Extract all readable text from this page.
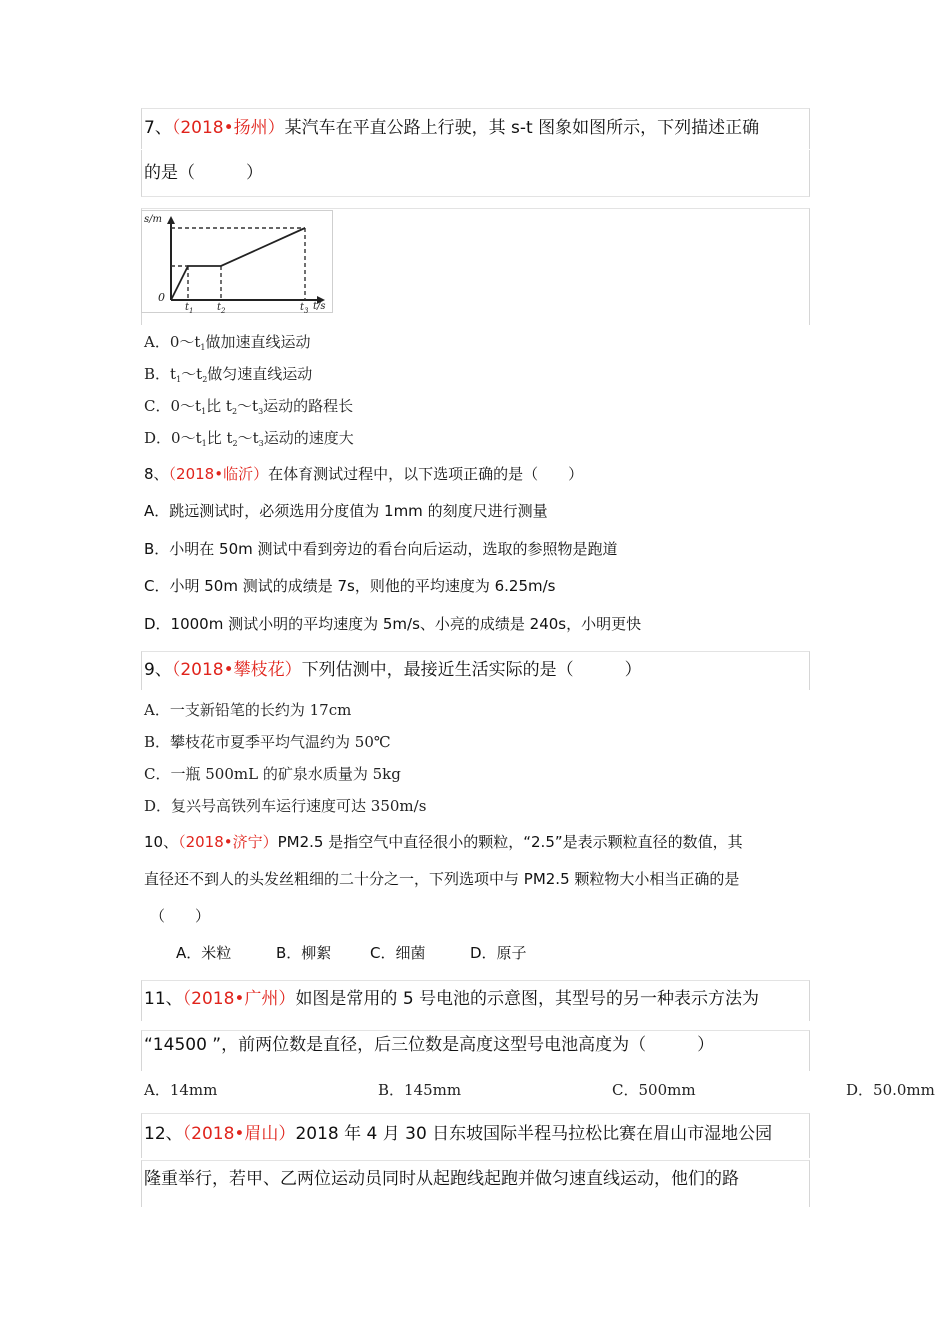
7、（2018•扬州）某汽车在平直公路上行驶，其 s-t 图象如图所示，下列描述正确
的是（　　　）
s/m
0
t/s
$t_1$ $t_2$	$t_3$
A．$0\sim t_1$做加速直线运动
B．$t_1\sim t_2$做匀速直线运动
C．$0\sim t_1$比 $t_2\sim t_3$运动的路程长
D．$0\sim t_1$比 $t_2\sim t_3$运动的速度大
8、（2018•临沂）在体育测试过程中，以下选项正确的是（　　）
A．跳远测试时，必须选用分度值为 1mm 的刻度尺进行测量
B．小明在 50m 测试中看到旁边的看台向后运动，选取的参照物是跑道
C．小明 50m 测试的成绩是 7s，则他的平均速度为 6.25m/s
D．1000m 测试小明的平均速度为 5m/s、小亮的成绩是 240s，小明更快
9、（2018•攀枝花）下列估测中，最接近生活实际的是（　　　）
A．一支新铅笔的长约为 17cm
B．攀枝花市夏季平均气温约为 50℃
C．一瓶 500mL 的矿泉水质量为 5kg
D．复兴号高铁列车运行速度可达 350m/s
10、（2018•济宁）PM2.5 是指空气中直径很小的颗粒，“2.5”是表示颗粒直径的数值，其
直径还不到人的头发丝粗细的二十分之一，下列选项中与 PM2.5 颗粒物大小相当正确的是
（　　）
A．米粒	B．柳絮	C．细菌	D．原子
11、（2018•广州）如图是常用的 5 号电池的示意图，其型号的另一种表示方法为
“14500 ”，前两位数是直径，后三位数是高度这型号电池高度为（　　　）
A．14mm	B．145mm	C．500mm	D．50.0mm
12、（2018•眉山）2018 年 4 月 30 日东坡国际半程马拉松比赛在眉山市湿地公园
隆重举行，若甲、乙两位运动员同时从起跑线起跑并做匀速直线运动，他们的路
